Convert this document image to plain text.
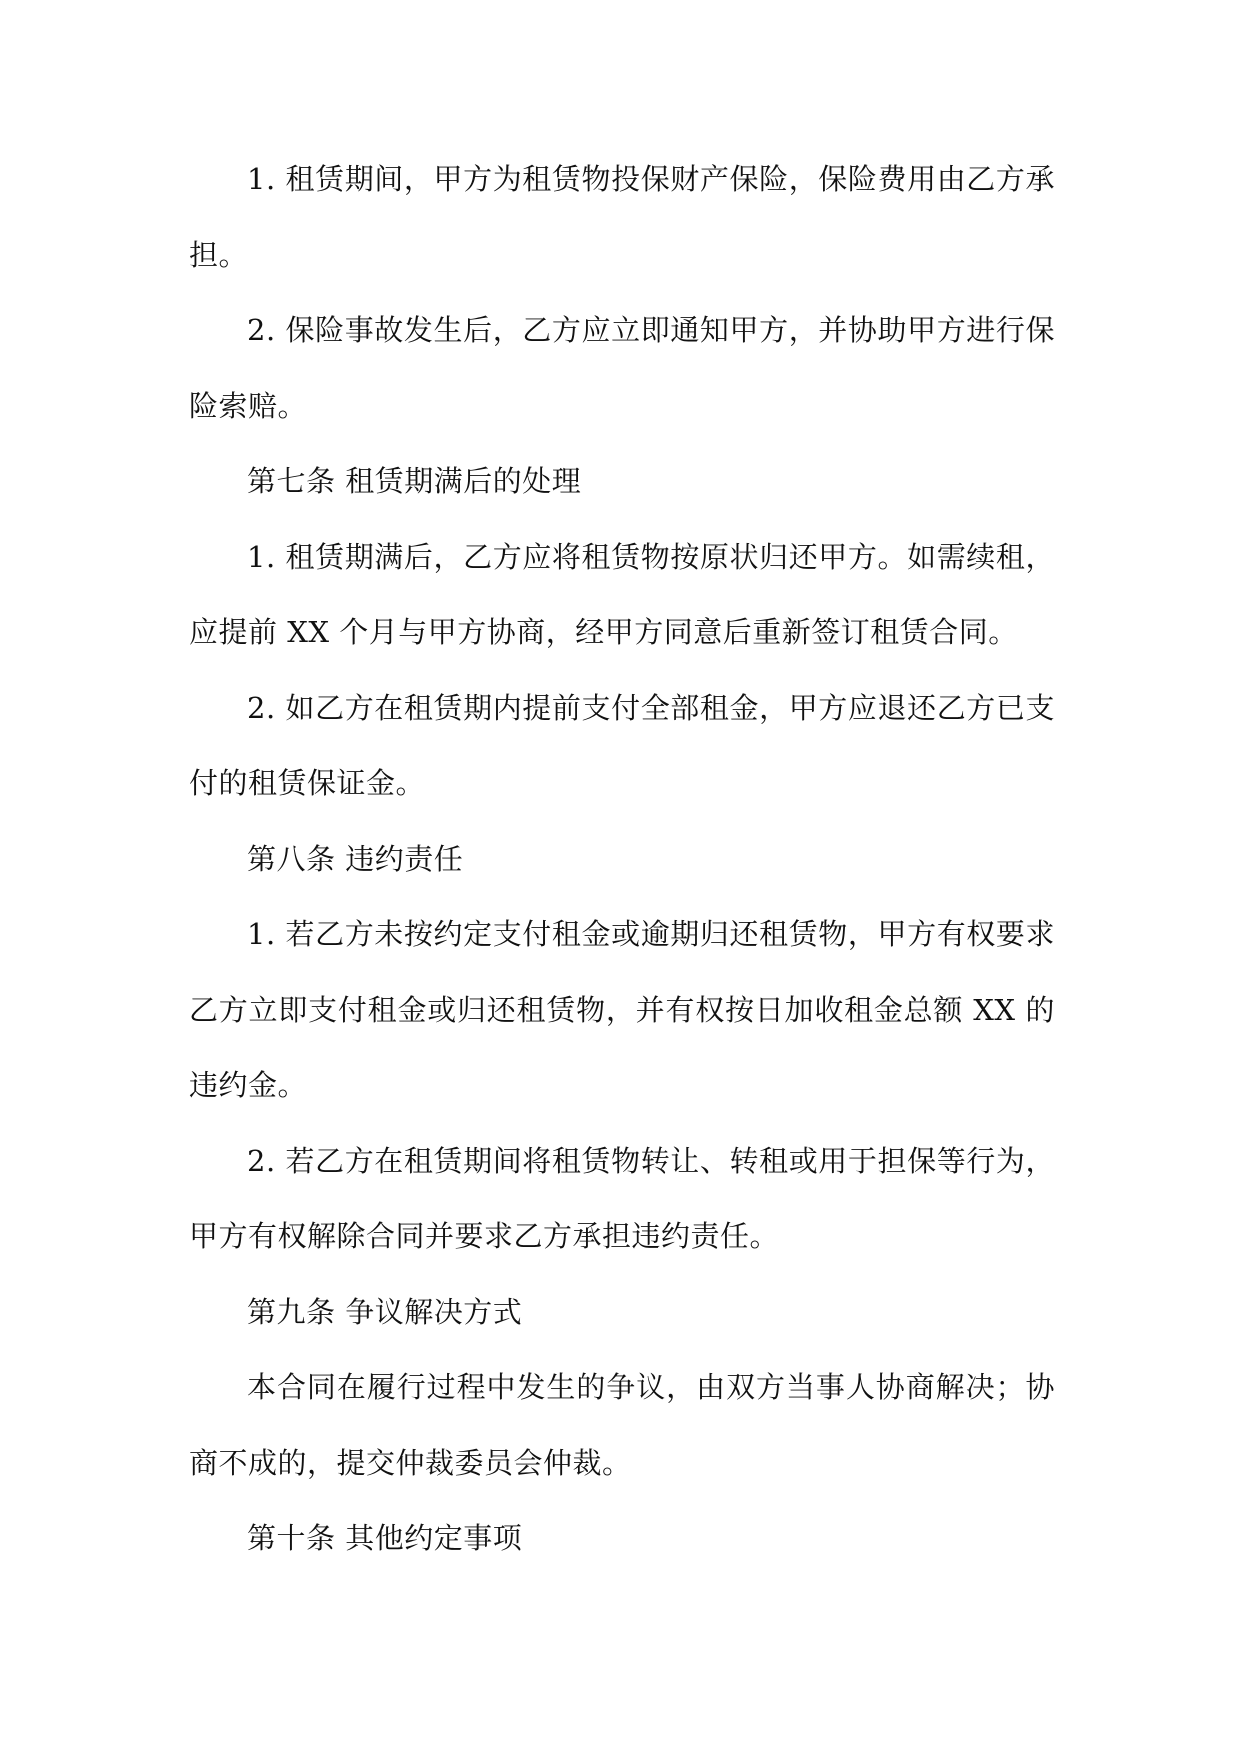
1. 租赁期间，甲方为租赁物投保财产保险，保险费用由乙方承担。

2. 保险事故发生后，乙方应立即通知甲方，并协助甲方进行保险索赔。

第七条 租赁期满后的处理

1. 租赁期满后，乙方应将租赁物按原状归还甲方。如需续租，应提前 XX 个月与甲方协商，经甲方同意后重新签订租赁合同。

2. 如乙方在租赁期内提前支付全部租金，甲方应退还乙方已支付的租赁保证金。

第八条 违约责任

1. 若乙方未按约定支付租金或逾期归还租赁物，甲方有权要求乙方立即支付租金或归还租赁物，并有权按日加收租金总额 XX 的违约金。

2. 若乙方在租赁期间将租赁物转让、转租或用于担保等行为，甲方有权解除合同并要求乙方承担违约责任。

第九条 争议解决方式

本合同在履行过程中发生的争议，由双方当事人协商解决；协商不成的，提交仲裁委员会仲裁。

第十条 其他约定事项
